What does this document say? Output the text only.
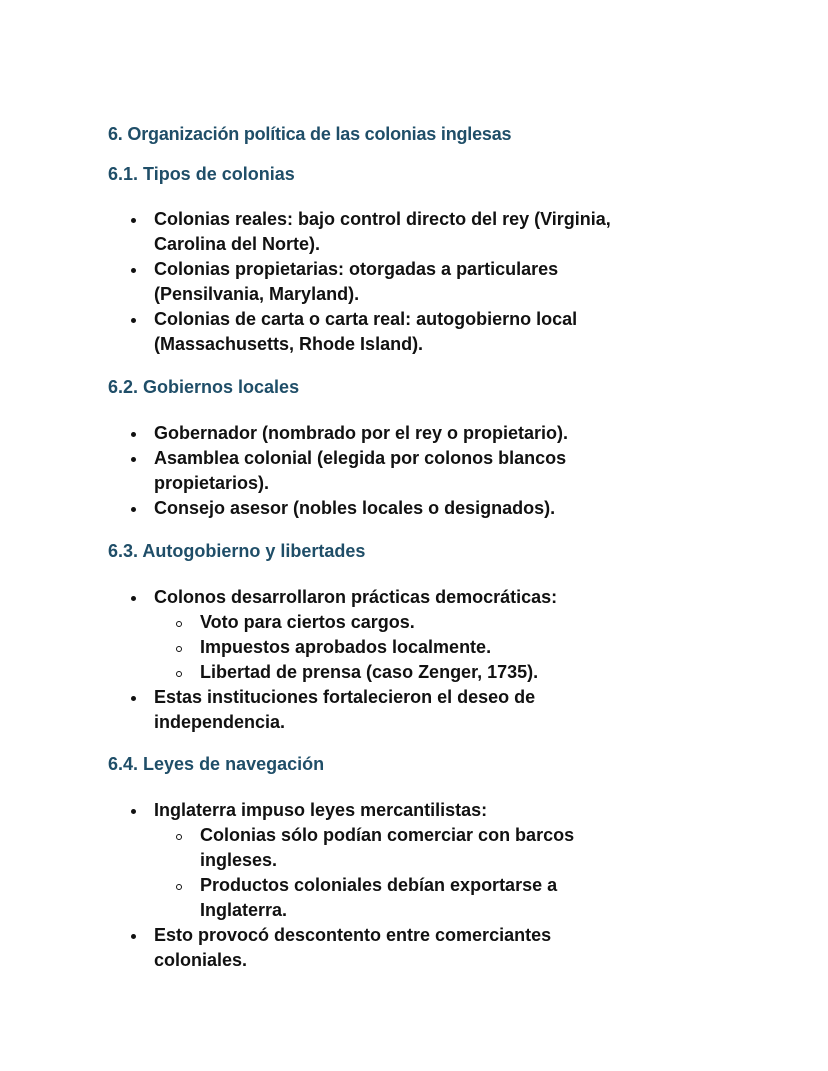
6. Organización política de las colonias inglesas
6.1. Tipos de colonias
Colonias reales: bajo control directo del rey (Virginia, Carolina del Norte).
Colonias propietarias: otorgadas a particulares (Pensilvania, Maryland).
Colonias de carta o carta real: autogobierno local (Massachusetts, Rhode Island).
6.2. Gobiernos locales
Gobernador (nombrado por el rey o propietario).
Asamblea colonial (elegida por colonos blancos propietarios).
Consejo asesor (nobles locales o designados).
6.3. Autogobierno y libertades
Colonos desarrollaron prácticas democráticas:
Voto para ciertos cargos.
Impuestos aprobados localmente.
Libertad de prensa (caso Zenger, 1735).
Estas instituciones fortalecieron el deseo de independencia.
6.4. Leyes de navegación
Inglaterra impuso leyes mercantilistas:
Colonias sólo podían comerciar con barcos ingleses.
Productos coloniales debían exportarse a Inglaterra.
Esto provocó descontento entre comerciantes coloniales.
